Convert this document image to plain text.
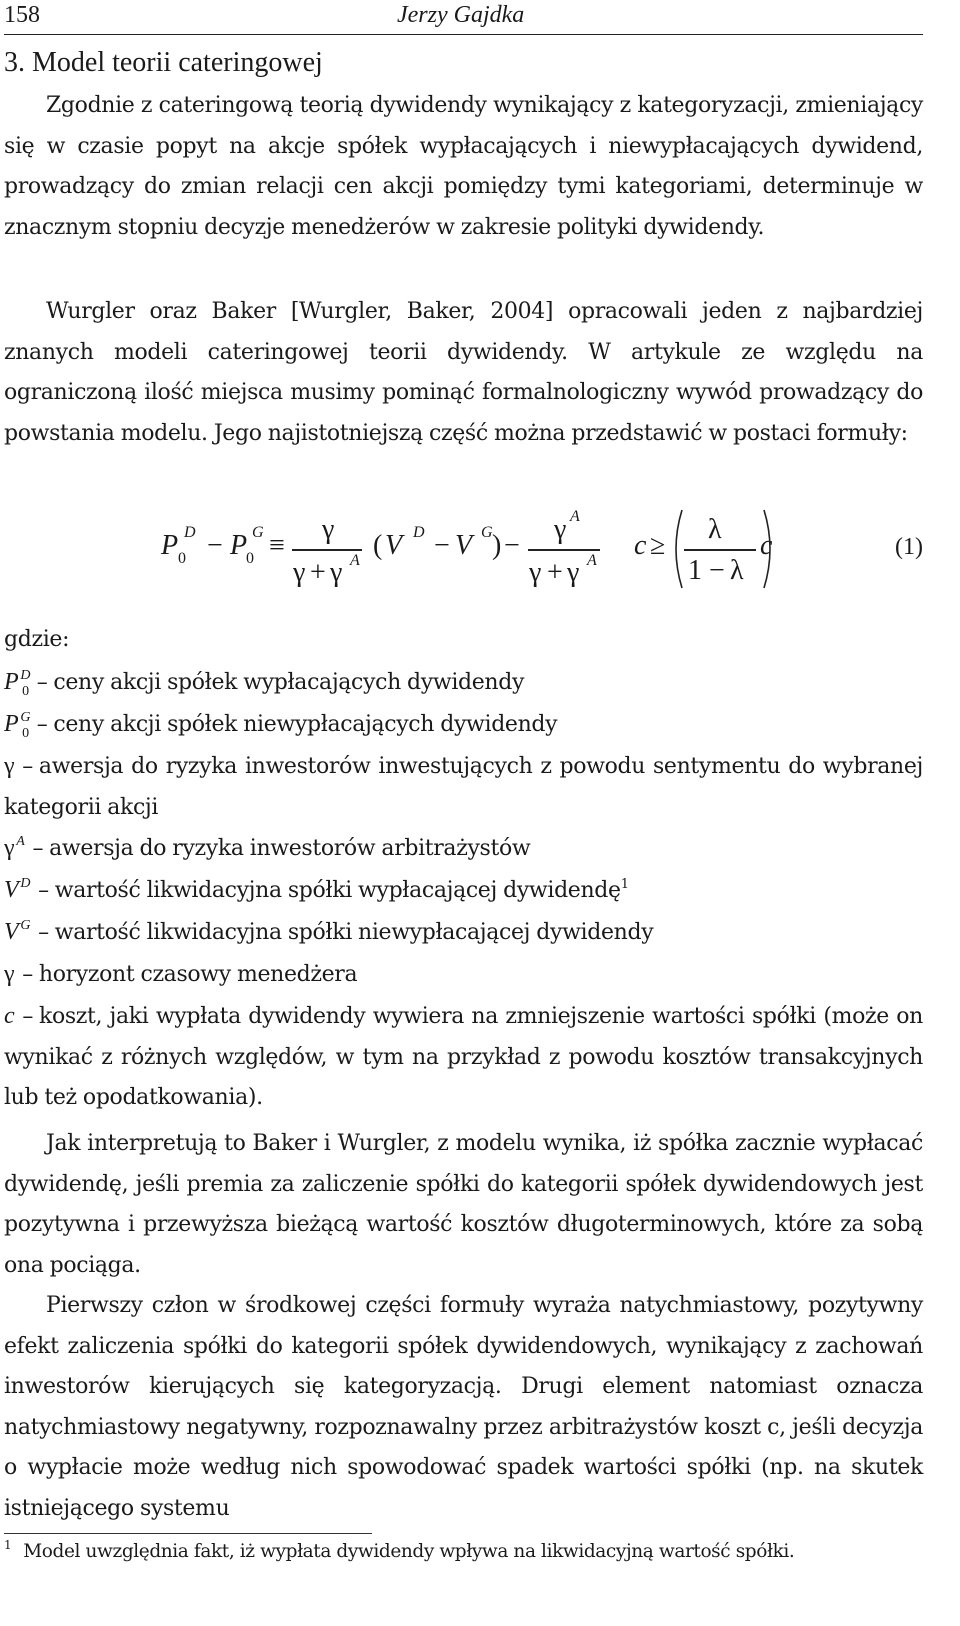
158	Jerzy Gajdka
3. Model teorii cateringowej

Zgodnie z cateringową teorią dywidendy wynikający z kategoryzacji, zmieniający się w czasie popyt na akcje spółek wypłacających i niewypłacających dywidend, prowadzący do zmian relacji cen akcji pomiędzy tymi kategoriami, determinuje w znacznym stopniu decyzje menedżerów w zakresie polityki dywidendy.

Wurgler oraz Baker [Wurgler, Baker, 2004] opracowali jeden z najbardziej znanych modeli cateringowej teorii dywidendy. W artykule ze względu na ograniczoną ilość miejsca musimy pominąć formalnologiczny wywód prowadzący do powstania modelu. Jego najistotniejszą część można przedstawić w postaci formuły:

P D
0 − P G
0 ≡
γ
γ + γ A ( V D − V G ) −
γ A
γ + γ A c ≥
λ
1 − λ
c	(1)
gdzie:
P $^D_0$ – ceny akcji spółek wypłacających dywidendy
P $^G_0$ – ceny akcji spółek niewypłacających dywidendy
γ – awersja do ryzyka inwestorów inwestujących z powodu sentymentu do wybranej kategorii akcji
γ $^A$ – awersja do ryzyka inwestorów arbitrażystów
V $^D$ – wartość likwidacyjna spółki wypłacającej dywidendę$^1$
V $^G$ – wartość likwidacyjna spółki niewypłacającej dywidendy
γ – horyzont czasowy menedżera
c – koszt, jaki wypłata dywidendy wywiera na zmniejszenie wartości spółki (może on wynikać z różnych względów, w tym na przykład z powodu kosztów transakcyjnych lub też opodatkowania).

Jak interpretują to Baker i Wurgler, z modelu wynika, iż spółka zacznie wypłacać dywidendę, jeśli premia za zaliczenie spółki do kategorii spółek dywidendowych jest pozytywna i przewyższa bieżącą wartość kosztów długoterminowych, które za sobą ona pociąga.

Pierwszy człon w środkowej części formuły wyraża natychmiastowy, pozytywny efekt zaliczenia spółki do kategorii spółek dywidendowych, wynikający z zachowań inwestorów kierujących się kategoryzacją. Drugi element natomiast oznacza natychmiastowy negatywny, rozpoznawalny przez arbitrażystów koszt c, jeśli decyzja o wypłacie może według nich spowodować spadek wartości spółki (np. na skutek istniejącego systemu

$^1$ Model uwzględnia fakt, iż wypłata dywidendy wpływa na likwidacyjną wartość spółki.
